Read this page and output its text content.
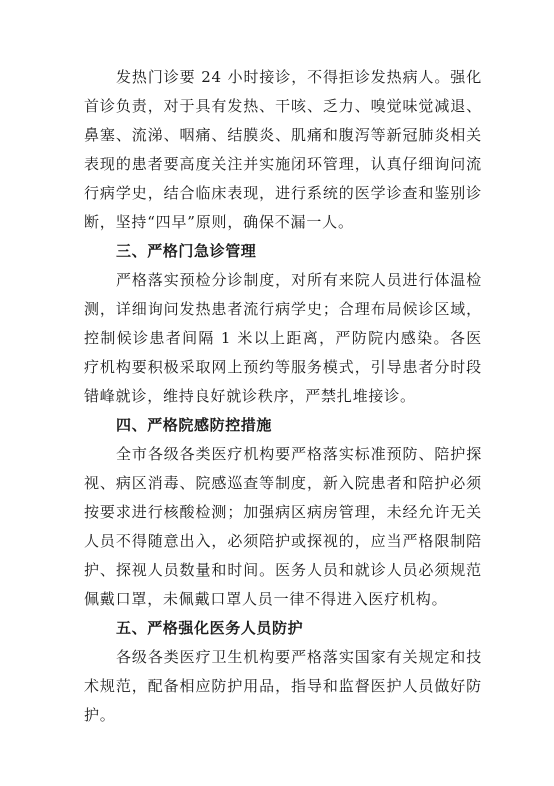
发热门诊要 24 小时接诊，不得拒诊发热病人。强化首诊负责，对于具有发热、干咳、乏力、嗅觉味觉减退、鼻塞、流涕、咽痛、结膜炎、肌痛和腹泻等新冠肺炎相关表现的患者要高度关注并实施闭环管理，认真仔细询问流行病学史，结合临床表现，进行系统的医学诊查和鉴别诊断，坚持“四早”原则，确保不漏一人。

三、严格门急诊管理

严格落实预检分诊制度，对所有来院人员进行体温检测，详细询问发热患者流行病学史；合理布局候诊区域，控制候诊患者间隔 1 米以上距离，严防院内感染。各医疗机构要积极采取网上预约等服务模式，引导患者分时段错峰就诊，维持良好就诊秩序，严禁扎堆接诊。

四、严格院感防控措施

全市各级各类医疗机构要严格落实标准预防、陪护探视、病区消毒、院感巡查等制度，新入院患者和陪护必须按要求进行核酸检测；加强病区病房管理，未经允许无关人员不得随意出入，必须陪护或探视的，应当严格限制陪护、探视人员数量和时间。医务人员和就诊人员必须规范佩戴口罩，未佩戴口罩人员一律不得进入医疗机构。

五、严格强化医务人员防护

各级各类医疗卫生机构要严格落实国家有关规定和技术规范，配备相应防护用品，指导和监督医护人员做好防护。
